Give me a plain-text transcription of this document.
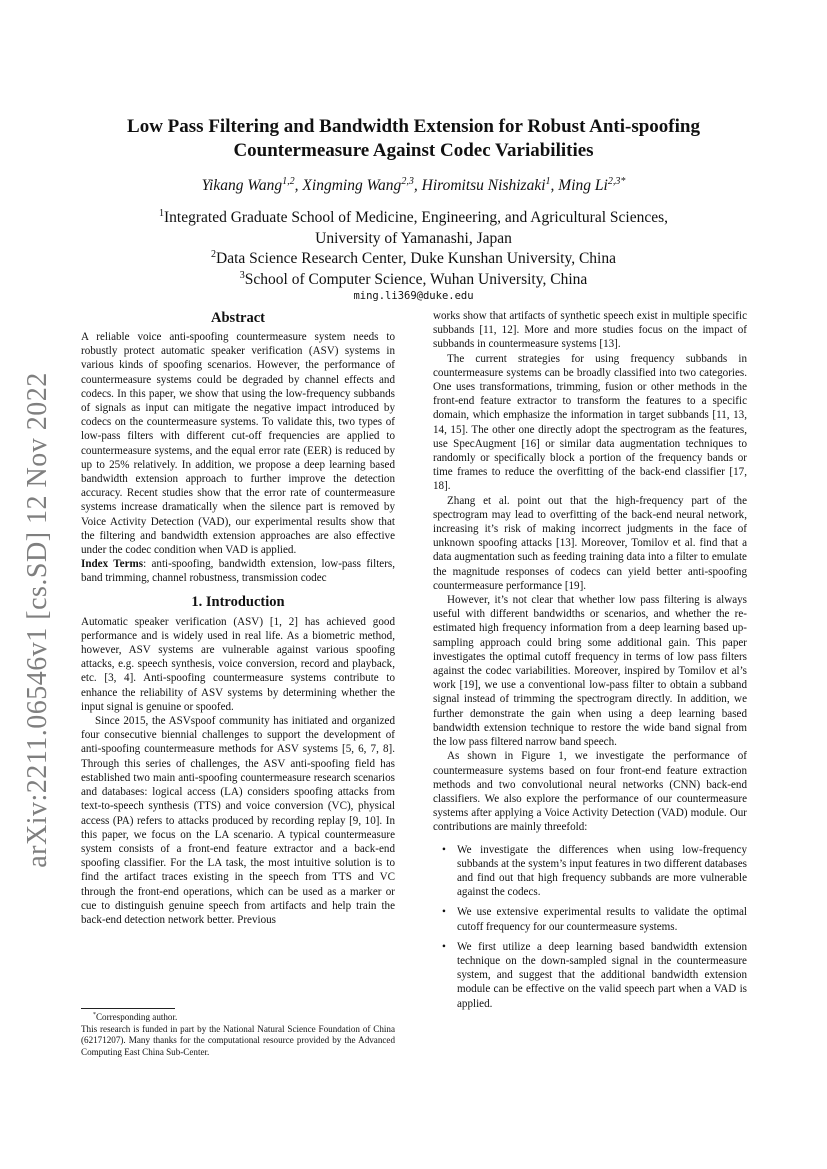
arXiv:2211.06546v1 [cs.SD] 12 Nov 2022
Low Pass Filtering and Bandwidth Extension for Robust Anti-spoofing
Countermeasure Against Codec Variabilities

Yikang Wang$^{1,2}$, Xingming Wang$^{2,3}$, Hiromitsu Nishizaki$^1$, Ming $Li^{2,3*}$

$^1$Integrated Graduate School of Medicine, Engineering, and Agricultural Sciences,
University of Yamanashi, Japan
$^2$Data Science Research Center, Duke Kunshan University, China
$^3$School of Computer Science, Wuhan University, China

ming.li369@duke.edu

Abstract

A reliable voice anti-spoofing countermeasure system needs to robustly protect automatic speaker verification (ASV) systems in various kinds of spoofing scenarios. However, the performance of countermeasure systems could be degraded by channel effects and codecs. In this paper, we show that using the low-frequency subbands of signals as input can mitigate the negative impact introduced by codecs on the countermeasure systems. To validate this, two types of low-pass filters with different cut-off frequencies are applied to countermeasure systems, and the equal error rate (EER) is reduced by up to 25% relatively. In addition, we propose a deep learning based bandwidth extension approach to further improve the detection accuracy. Recent studies show that the error rate of countermeasure systems increase dramatically when the silence part is removed by Voice Activity Detection (VAD), our experimental results show that the filtering and bandwidth extension approaches are also effective under the codec condition when VAD is applied.

Index Terms: anti-spoofing, bandwidth extension, low-pass filters, band trimming, channel robustness, transmission codec

1. Introduction

Automatic speaker verification (ASV) [1, 2] has achieved good performance and is widely used in real life. As a biometric method, however, ASV systems are vulnerable against various spoofing attacks, e.g. speech synthesis, voice conversion, record and playback, etc. [3, 4]. Anti-spoofing countermeasure systems contribute to enhance the reliability of ASV systems by determining whether the input signal is genuine or spoofed.

Since 2015, the ASVspoof community has initiated and organized four consecutive biennial challenges to support the development of anti-spoofing countermeasure methods for ASV systems [5, 6, 7, 8]. Through this series of challenges, the ASV anti-spoofing field has established two main anti-spoofing countermeasure research scenarios and databases: logical access (LA) considers spoofing attacks from text-to-speech synthesis (TTS) and voice conversion (VC), physical access (PA) refers to attacks produced by recording replay [9, 10]. In this paper, we focus on the LA scenario. A typical countermeasure system consists of a front-end feature extractor and a back-end spoofing classifier. For the LA task, the most intuitive solution is to find the artifact traces existing in the speech from TTS and VC through the front-end operations, which can be used as a marker or cue to distinguish genuine speech from artifacts and help train the back-end detection network better. Previous

*Corresponding author.

This research is funded in part by the National Natural Science Foundation of China (62171207). Many thanks for the computational resource provided by the Advanced Computing East China Sub-Center.

works show that artifacts of synthetic speech exist in multiple specific subbands [11, 12]. More and more studies focus on the impact of subbands in countermeasure systems [13].

The current strategies for using frequency subbands in countermeasure systems can be broadly classified into two categories. One uses transformations, trimming, fusion or other methods in the front-end feature extractor to transform the features to a specific domain, which emphasize the information in target subbands [11, 13, 14, 15]. The other one directly adopt the spectrogram as the features, use SpecAugment [16] or similar data augmentation techniques to randomly or specifically block a portion of the frequency bands or time frames to reduce the overfitting of the back-end classifier [17, 18].

Zhang et al. point out that the high-frequency part of the spectrogram may lead to overfitting of the back-end neural network, increasing it’s risk of making incorrect judgments in the face of unknown spoofing attacks [13]. Moreover, Tomilov et al. find that a data augmentation such as feeding training data into a filter to emulate the magnitude responses of codecs can yield better anti-spoofing countermeasure performance [19].

However, it’s not clear that whether low pass filtering is always useful with different bandwidths or scenarios, and whether the re-estimated high frequency information from a deep learning based up-sampling approach could bring some additional gain. This paper investigates the optimal cutoff frequency in terms of low pass filters against the codec variabilities. Moreover, inspired by Tomilov et al’s work [19], we use a conventional low-pass filter to obtain a subband signal instead of trimming the spectrogram directly. In addition, we further demonstrate the gain when using a deep learning based bandwidth extension technique to restore the wide band signal from the low pass filtered narrow band speech.

As shown in Figure 1, we investigate the performance of countermeasure systems based on four front-end feature extraction methods and two convolutional neural networks (CNN) back-end classifiers. We also explore the performance of our countermeasure systems after applying a Voice Activity Detection (VAD) module. Our contributions are mainly threefold:

• We investigate the differences when using low-frequency subbands at the system’s input features in two different databases and find out that high frequency subbands are more vulnerable against the codecs.
• We use extensive experimental results to validate the optimal cutoff frequency for our countermeasure systems.
• We first utilize a deep learning based bandwidth extension technique on the down-sampled signal in the countermeasure system, and suggest that the additional bandwidth extension module can be effective on the valid speech part when a VAD is applied.
